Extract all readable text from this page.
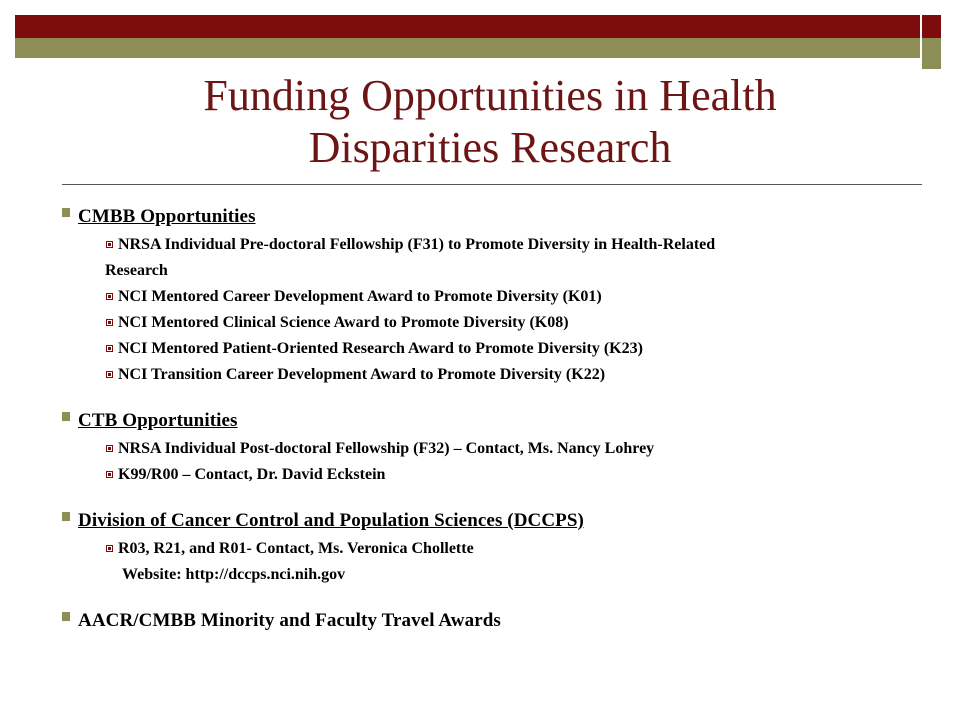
Funding Opportunities in Health
Disparities Research
CMBB Opportunities
NRSA Individual Pre-doctoral Fellowship (F31) to Promote Diversity in Health-Related
Research
NCI Mentored Career Development Award to Promote Diversity (K01)
NCI Mentored Clinical Science Award to Promote Diversity (K08)
NCI Mentored Patient-Oriented Research Award to Promote Diversity (K23)
NCI Transition Career Development Award to Promote Diversity (K22)
CTB Opportunities
NRSA Individual Post-doctoral Fellowship (F32) – Contact, Ms. Nancy Lohrey
K99/R00 – Contact, Dr. David Eckstein
Division of Cancer Control and Population Sciences (DCCPS)
R03, R21, and R01- Contact, Ms. Veronica Chollette
Website: http://dccps.nci.nih.gov
AACR/CMBB Minority and Faculty Travel Awards
